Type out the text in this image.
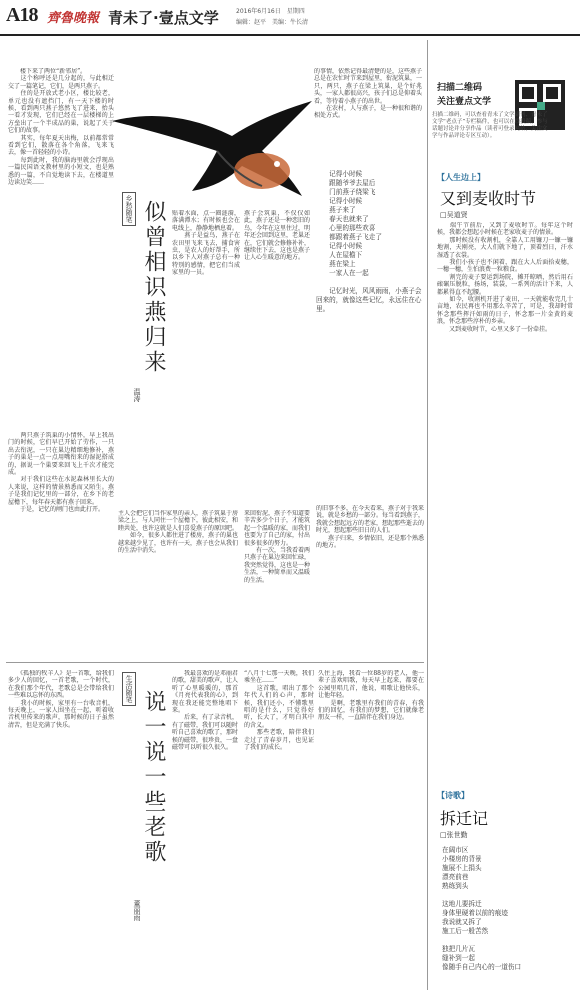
A18 齊魯晚報 青未了·壹点文学	2016年6月16日　星期四
编辑：赵平　美编：牛长清
乡愁随笔 似曾相识燕归来
温涛
　　楼下来了两位“新邻居”。
　　这个称呼还是几分起的，与此相迁交了一篇笔记，它们，是两只燕子。
　　住的是开放式老小区，楼比较老，单元也没有遮挡门，有一天下楼的时候，看到两只燕子悠然飞了进来，抬头一看才发现，它们已经在一层楼梯的上方垒出了一个半成品的巢，说起了关于它们的故事。
　　其实，每年夏天出梅，以前都常常看到它们，散落在各个角落，飞来飞去，像一首轻轻的小诗。
　　每到此时，我的脑海里就会浮现出一篇民国语文教材里的小短文，也是熟悉的一篇，不自觉地读下去，在楼道里边读边笑……
　　两只燕子筑巢的小情怀，早上我出门的时候，它们早已开始了劳作，一只出去衔泥，一只在巢边精细地修补，燕子的巢是一点一点用嘴衔来的湿泥搭成的，据说一个巢要来回飞上千次才能完成。
　　对于我们这些在水泥森林里长大的人来说，这样的情景熟悉而又陌生。燕子是我们记忆里的一部分，在乡下的老屋檐下，每年春天都有燕子回来。
　　于是，记忆的闸门也由此打开。
的事情，依然记得最清楚的是，这些燕子总是在农忙时节来到屋里，衔泥筑巢，一只，两只，燕子在梁上筑巢，是个好兆头，一家人都很高兴，孩子们总是仰着头看，等待着小燕子的出世。
　　在农村，人与燕子，是一种很和谐的相处方式。
贴着水面，点一圈涟漪，落满潭水；有时候也会在电线上，静静地栖息着。
　　燕子是益鸟，燕子在农田里飞来飞去，捕食害虫，是农人的好帮手，所以乡下人对燕子总有一种特别的感情，把它们当成家里的一员。
燕子会筑巢，不仅仅如此，燕子还是一种恋旧的鸟，今年在这里住过，明年还会回到这里，老巢还在，它们就会修修补补，继续住下去，这也是燕子让人心生暖意的地方。
主人会把它们当作家里的亲人，燕子筑巢于房梁之上，与人同住一个屋檐下，彼此相安，和睦共处，也许这就是人们喜爱燕子的原因吧。
　　如今，很多人都住进了楼房，燕子的巢也越来越少见了，也许有一天，燕子也会从我们的生活中消失。
来回衔泥，燕子不知道要辛苦多少个日子，才能筑起一个温暖的家，而我们也要为了自己的家，付出很多很多的努力。
　　有一次，当我看着两只燕子在巢边来回忙碌，我突然觉得，这也是一种生活，一种简单而又温暖的生活。
　　记得小时候
　　跟随爷爷去屋后
　　门前燕子绕梁飞
　　记得小时候
　　燕子来了
　　春天也就来了
　　心里的那些欢喜
　　都跟着燕子飞走了
　　记得小时候
　　人在屋檐下
　　燕在梁上
　　一家人在一起

　　记忆时光，风风雨雨，小燕子会回来的，就像这些记忆，永远住在心里。
的旧事不多，在今天看来，燕子对于我来说，就是乡愁的一部分。每当看到燕子，我就会想起远方的老家，想起那些逝去的时光，想起那些旧日的人们。
　　燕子归来，乡情依旧，还是那个熟悉的地方。
生活随笔
说一说一些老歌
董丽雨
　　《孤独的牧羊人》是一首歌，给我们多少人的回忆，一首老歌，一个时代，在我们那个年代，老歌总是会带给我们一些难以忘怀的东西。
　　我小的时候，家里有一台收音机，每天晚上，一家人围坐在一起，听着收音机里传来的歌声，那时候的日子虽然清苦，但是充满了快乐。
　　我最喜欢的是邓丽君的歌，甜美的歌声，让人听了心里暖暖的，那首《月亮代表我的心》，到现在我还能完整地唱下来。
　　后来，有了录音机，有了磁带，我们可以随时听自己喜欢的歌了，那时候的磁带，很珍贵，一盘磁带可以听很久很久。
“八月十七那一天晚，我们乘坐在……”
　　这首歌，唱出了那个年代人们的心声，那时候，我们还小，不懂歌里唱的是什么，只觉得好听，长大了，才明白其中的含义。
　　那些老歌，陪伴我们走过了青春岁月，也见证了我们的成长。
久住上海，我看一位88岁的老人，他一辈子喜欢唱歌，每天早上起来，都要在公园里唱几首，他说，唱歌让他快乐，让他年轻。
　　是啊，老歌里有我们的青春，有我们的回忆，有我们的梦想，它们就像老朋友一样，一直陪伴在我们身边。
扫描二维码
关注壹点文学
扫描二维码，可以查看青未了文学副刊、青未了文学“老点子”专栏稿件，也可以在线投稿，参与话题讨论并分享作品（读者可登录网站，关注文学与作品评论专区互动）。
【人生边上】
又到麦收时节
□吴道贤
　　端午节前后，又到了麦收时节。每年这个时候，我都会想起小时候在老家收麦子的情景。
　　那时候没有收割机，全靠人工用镰刀一镰一镰地割，天刚亮，大人们就下地了，顶着烈日，汗水湿透了衣裳。
　　我们小孩子也不闲着，跟在大人后面拾麦穗，一穗一穗，生怕浪费一粒粮食。
　　割完的麦子要运到场院，摊开晾晒，然后用石磙碾压脱粒，扬场，装袋，一系列的活计下来，人都累得直不起腰。
　　如今，收割机开进了麦田，一天就能收完几十亩地，农民再也不用那么辛苦了，可是，我却时常怀念那些挥汗如雨的日子，怀念那一片金黄的麦浪，怀念那些淳朴的乡亲。
　　又到麦收时节，心里又多了一份牵挂。
【诗歌】
拆迁记
□张世勤
在阔市区
小楼房的背景
施展不上捐头
漂亮前巷
熟练到头

这地儿要拆迁
身体里硬着以前的痕迹
我说就又拆了
施工后一般苦然

独把几片瓦
缝补到一起
像随手自己内心的一道伤口
